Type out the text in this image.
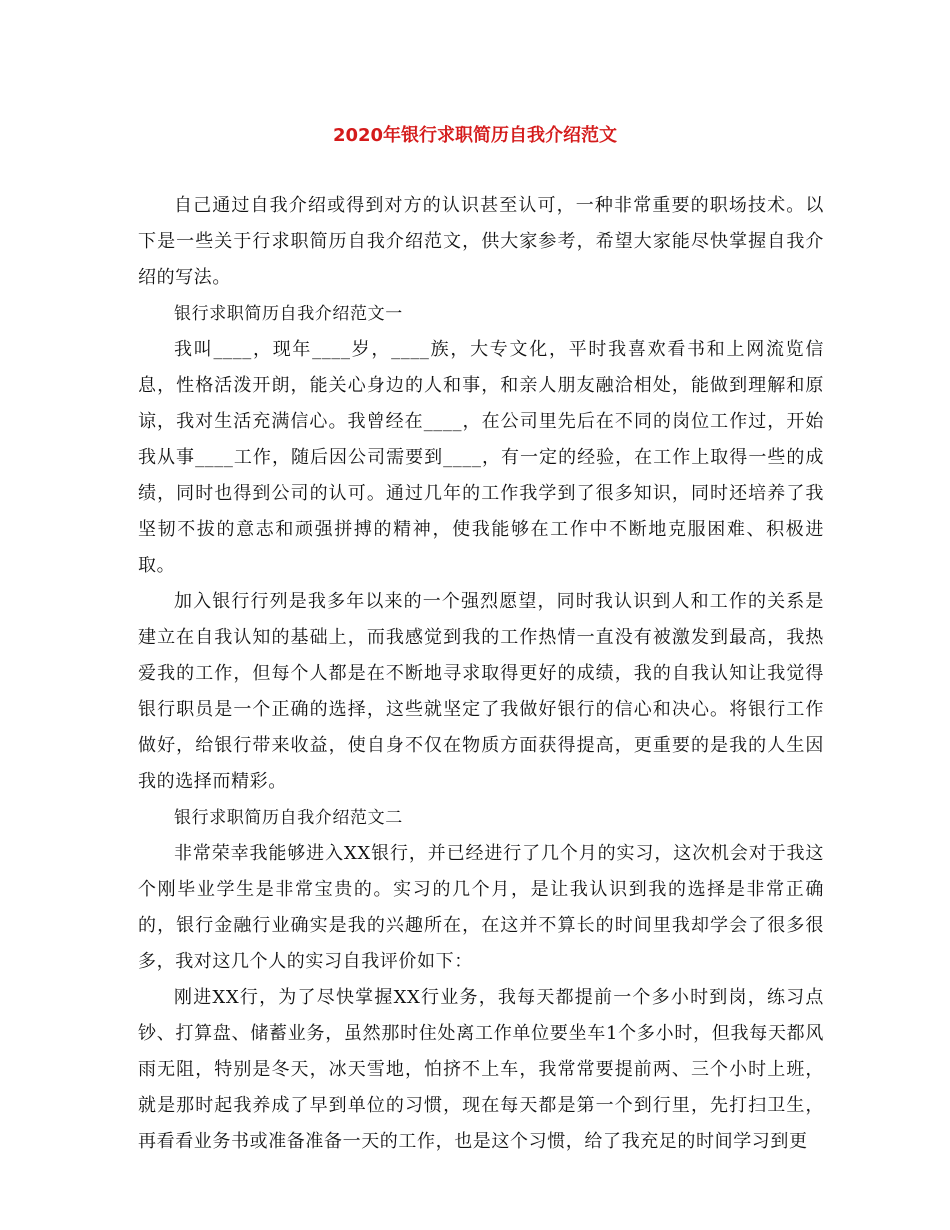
2020年银行求职简历自我介绍范文

自己通过自我介绍或得到对方的认识甚至认可，一种非常重要的职场技术。以下是一些关于行求职简历自我介绍范文，供大家参考，希望大家能尽快掌握自我介绍的写法。

银行求职简历自我介绍范文一

我叫____，现年____岁，____族，大专文化，平时我喜欢看书和上网流览信息，性格活泼开朗，能关心身边的人和事，和亲人朋友融洽相处，能做到理解和原谅，我对生活充满信心。我曾经在____，在公司里先后在不同的岗位工作过，开始我从事____工作，随后因公司需要到____，有一定的经验，在工作上取得一些的成绩，同时也得到公司的认可。通过几年的工作我学到了很多知识，同时还培养了我坚韧不拔的意志和顽强拼搏的精神，使我能够在工作中不断地克服困难、积极进取。

加入银行行列是我多年以来的一个强烈愿望，同时我认识到人和工作的关系是建立在自我认知的基础上，而我感觉到我的工作热情一直没有被激发到最高，我热爱我的工作，但每个人都是在不断地寻求取得更好的成绩，我的自我认知让我觉得银行职员是一个正确的选择，这些就坚定了我做好银行的信心和决心。将银行工作做好，给银行带来收益，使自身不仅在物质方面获得提高，更重要的是我的人生因我的选择而精彩。

银行求职简历自我介绍范文二

非常荣幸我能够进入XX银行，并已经进行了几个月的实习，这次机会对于我这个刚毕业学生是非常宝贵的。实习的几个月，是让我认识到我的选择是非常正确的，银行金融行业确实是我的兴趣所在，在这并不算长的时间里我却学会了很多很多，我对这几个人的实习自我评价如下：

刚进XX行，为了尽快掌握XX行业务，我每天都提前一个多小时到岗，练习点钞、打算盘、储蓄业务，虽然那时住处离工作单位要坐车1个多小时，但我每天都风雨无阻，特别是冬天，冰天雪地，怕挤不上车，我常常要提前两、三个小时上班，就是那时起我养成了早到单位的习惯，现在每天都是第一个到行里，先打扫卫生，再看看业务书或准备准备一天的工作，也是这个习惯，给了我充足的时间学习到更
